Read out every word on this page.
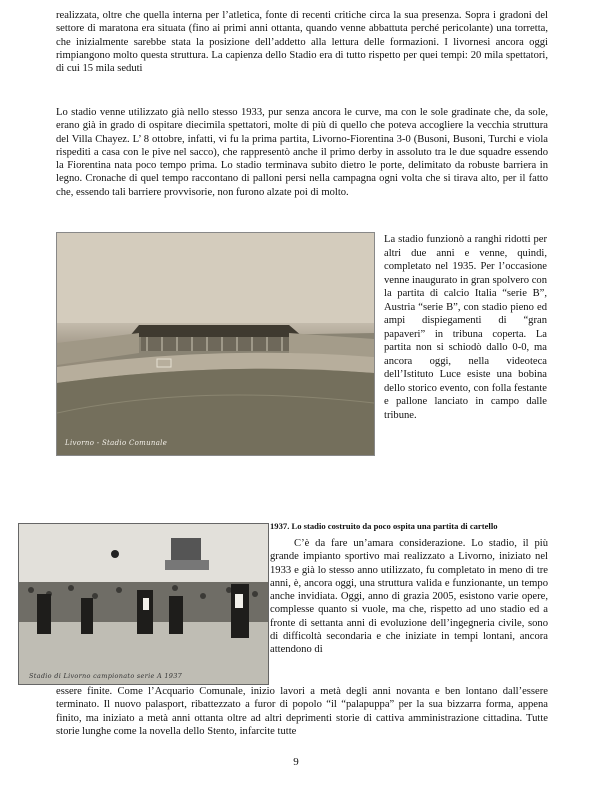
realizzata, oltre che quella interna per l’atletica, fonte di recenti critiche circa la sua presenza. Sopra i gradoni del settore di maratona era situata (fino ai primi anni ottanta, quando venne abbattuta perché pericolante) una torretta, che inizialmente sarebbe stata la posizione dell’addetto alla lettura delle formazioni. I livornesi ancora oggi rimpiangono molto questa struttura. La capienza dello Stadio era di tutto rispetto per quei tempi: 20 mila spettatori, di cui 15 mila seduti

Lo stadio venne utilizzato già nello stesso 1933, pur senza ancora le curve, ma con le sole gradinate che, da sole, erano già in grado di ospitare diecimila spettatori, molte di più di quello che poteva accogliere la vecchia struttura del Villa Chayez. L’ 8 ottobre, infatti, vi fu la prima partita, Livorno-Fiorentina 3-0 (Busoni, Busoni, Turchi e viola rispediti a casa con le pive nel sacco), che rappresentò anche il primo derby in assoluto tra le due squadre essendo la Fiorentina nata poco tempo prima. Lo stadio terminava subito dietro le porte, delimitato da robuste barriera in legno. Cronache di quel tempo raccontano di palloni persi nella campagna ogni volta che si tirava alto, per il fatto che, essendo tali barriere provvisorie, non furono alzate poi di molto.

Livorno - Stadio Comunale

La stadio funzionò a ranghi ridotti per altri due anni e venne, quindi, completato nel 1935. Per l’occasione venne inaugurato in gran spolvero con la partita di calcio Italia “serie B”, Austria “serie B”, con stadio pieno ed ampi dispiegamenti di “gran papaveri” in tribuna coperta. La partita non si schiodò dallo 0-0, ma ancora oggi, nella videoteca dell’Istituto Luce esiste una bobina dello storico evento, con folla festante e pallone lanciato in campo dalle tribune.

Stadio di Livorno campionato serie A 1937
1937. Lo stadio costruito da poco ospita una partita di cartello

C’è da fare un’amara considerazione. Lo stadio, il più grande impianto sportivo mai realizzato a Livorno, iniziato nel 1933 e già lo stesso anno utilizzato, fu completato in meno di tre anni, è, ancora oggi, una struttura valida e funzionante, un tempo anche invidiata. Oggi, anno di grazia 2005, esistono varie opere, complesse quanto si vuole, ma che, rispetto ad uno stadio ed a fronte di settanta anni di evoluzione dell’ingegneria civile, sono di difficoltà secondaria e che iniziate in tempi lontani, ancora attendono di

essere finite. Come l’Acquario Comunale, inizio lavori a metà degli anni novanta e ben lontano dall’essere terminato. Il nuovo palasport, ribattezzato a furor di popolo “il “palapuppa” per la sua bizzarra forma, appena finito, ma iniziato a metà anni ottanta oltre ad altri deprimenti storie di cattiva amministrazione cittadina. Tutte storie lunghe come la novella dello Stento, infarcite tutte

9
